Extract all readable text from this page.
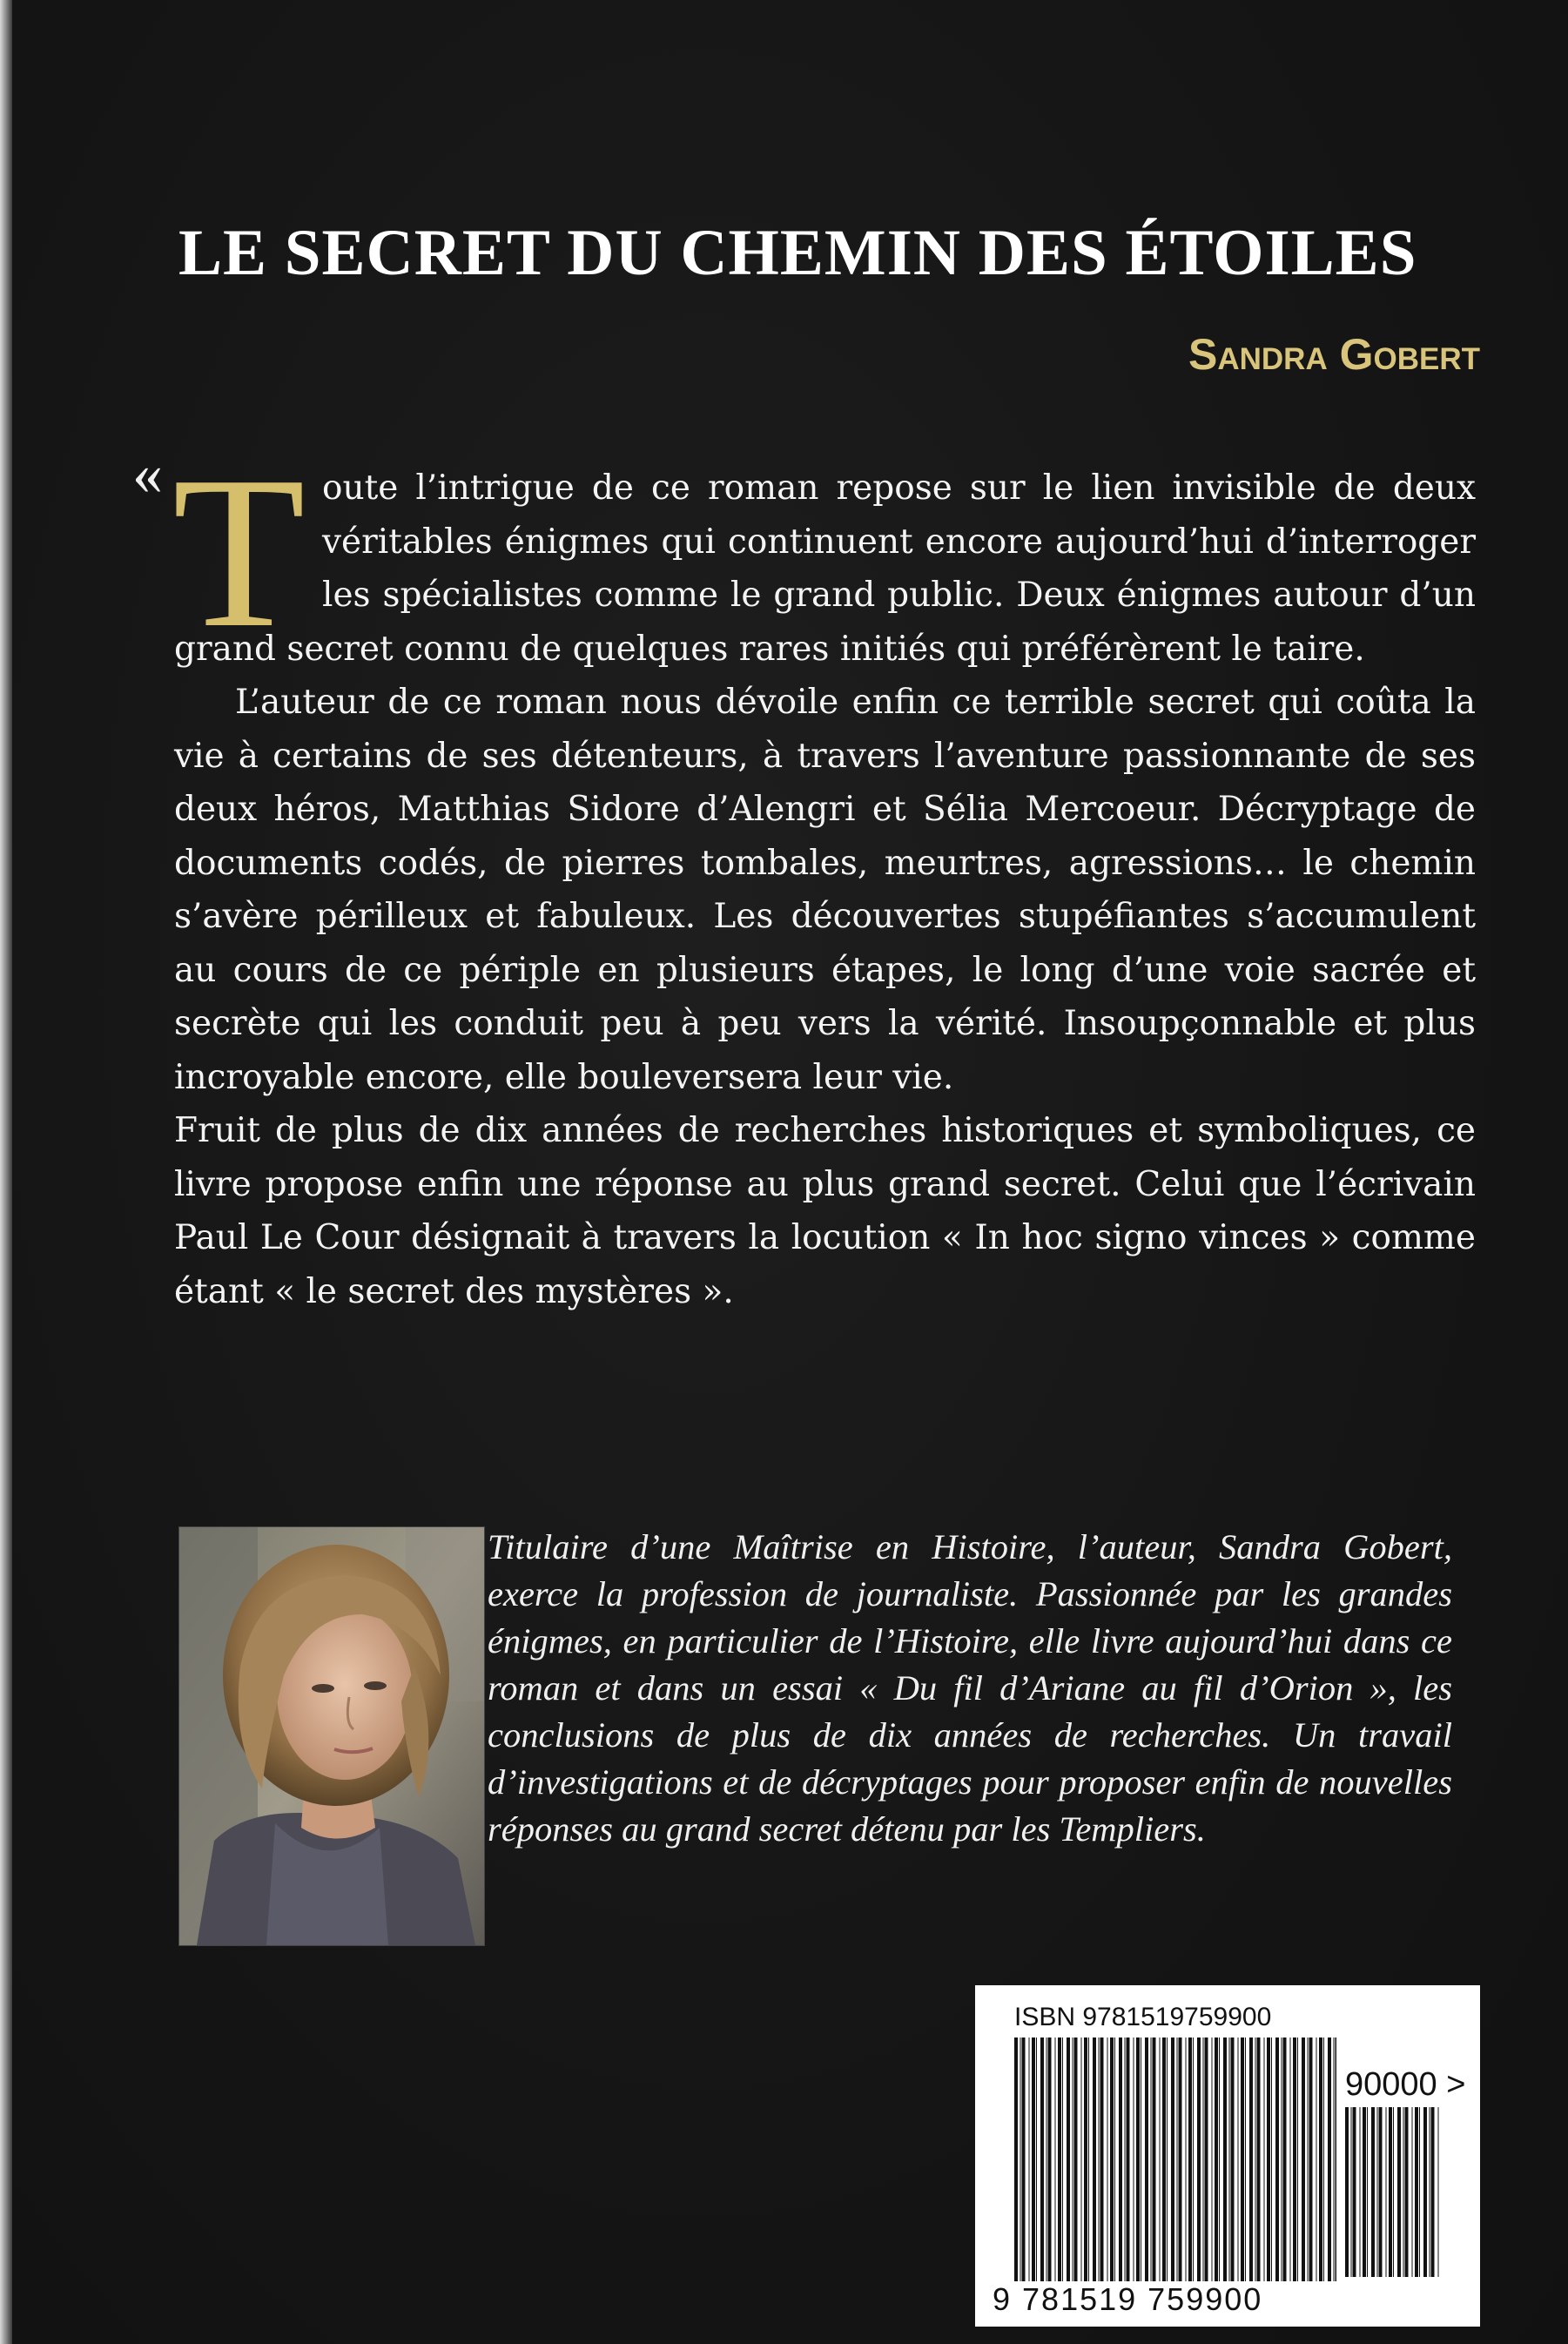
LE SECRET DU CHEMIN DES ÉTOILES
Sandra Gobert
«	oute l’intrigue de ce roman repose sur le lien invisible de deux véritables énigmes qui continuent encore aujourd’hui d’interroger les spécialistes comme le grand public. Deux énigmes autour d’un grand secret connu de quelques rares initiés qui préférèrent le taire.

L’auteur de ce roman nous dévoile enfin ce terrible secret qui coûta la vie à certains de ses détenteurs, à travers l’aventure passionnante de ses deux héros, Matthias Sidore d’Alengri et Sélia Mercoeur. Décryptage de documents codés, de pierres tombales, meurtres, agressions… le chemin s’avère périlleux et fabuleux. Les découvertes stupéfiantes s’accumulent au cours de ce périple en plusieurs étapes, le long d’une voie sacrée et secrète qui les conduit peu à peu vers la vérité. Insoupçonnable et plus incroyable encore, elle bouleversera leur vie.

Fruit de plus de dix années de recherches historiques et symboliques, ce livre propose enfin une réponse au plus grand secret. Celui que l’écrivain Paul Le Cour désignait à travers la locution « In hoc signo vinces » comme étant « le secret des mystères ».

T
Titulaire d’une Maîtrise en Histoire, l’auteur, Sandra Gobert, exerce la profession de journaliste. Passionnée par les grandes énigmes, en particulier de l’Histoire, elle livre aujourd’hui dans ce roman et dans un essai « Du fil d’Ariane au fil d’Orion », les conclusions de plus de dix années de recherches. Un travail d’investigations et de décryptages pour proposer enfin de nouvelles réponses au grand secret détenu par les Templiers.
ISBN 9781519759900
90000 >
9 781519 759900
